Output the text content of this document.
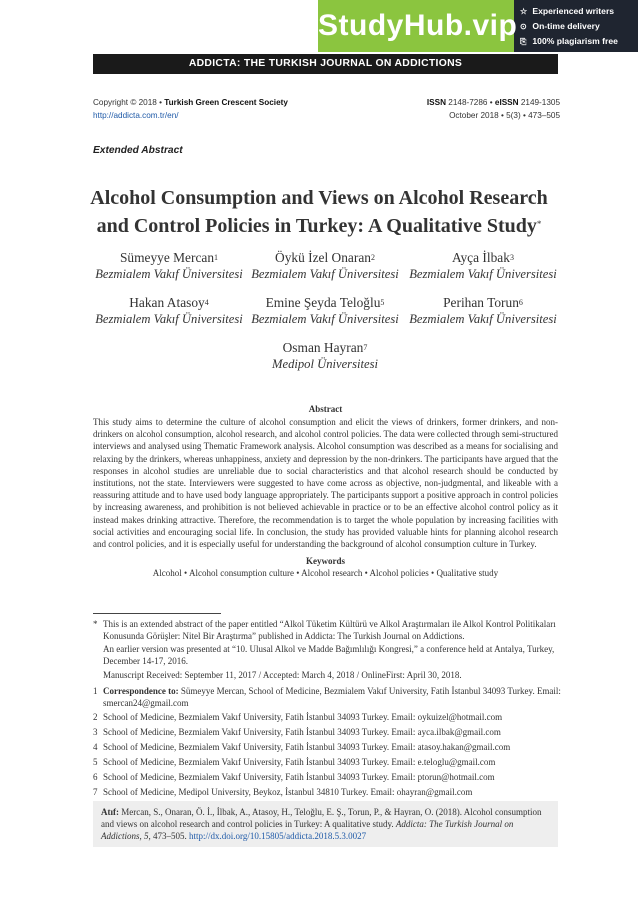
StudyHub.vip ☆ Experienced writers
⊙ On-time delivery
⎘ 100% plagiarism free
ADDICTA: THE TURKISH JOURNAL ON ADDICTIONS
Copyright © 2018 • Turkish Green Crescent Society
http://addicta.com.tr/en/
ISSN 2148-7286 • eISSN 2149-1305
October 2018 • 5(3) • 473–505
Extended Abstract
Alcohol Consumption and Views on Alcohol Research
and Control Policies in Turkey: A Qualitative Study*
Sümeyye Mercan$^1$
Bezmialem Vakıf Üniversitesi
Öykü İzel Onaran$^2$
Bezmialem Vakıf Üniversitesi
Ayça İlbak$^3$
Bezmialem Vakıf Üniversitesi
Hakan Atasoy$^4$
Bezmialem Vakıf Üniversitesi
Emine Şeyda Teloğlu$^5$
Bezmialem Vakıf Üniversitesi
Perihan Torun$^6$
Bezmialem Vakıf Üniversitesi
Osman Hayran$^7$
Medipol Üniversitesi
Abstract

This study aims to determine the culture of alcohol consumption and elicit the views of drinkers, former drinkers, and non-drinkers on alcohol consumption, alcohol research, and alcohol control policies. The data were collected through semi-structured interviews and analysed using Thematic Framework analysis. Alcohol consumption was described as a means for socialising and relaxing by the drinkers, whereas unhappiness, anxiety and depression by the non-drinkers. The participants have argued that the responses in alcohol studies are unreliable due to social characteristics and that alcohol research should be conducted by institutions, not the state. Interviewers were suggested to have come across as objective, non-judgmental, and likeable with a reassuring attitude and to have used body language appropriately. The participants support a positive approach in control policies by increasing awareness, and prohibition is not believed achievable in practice or to be an effective alcohol control policy as it instead makes drinking attractive. Therefore, the recommendation is to target the whole population by increasing facilities with social activities and encouraging social life. In conclusion, the study has provided valuable hints for planning alcohol research and control policies, and it is especially useful for understanding the background of alcohol consumption culture in Turkey.

Keywords
Alcohol • Alcohol consumption culture • Alcohol research • Alcohol policies • Qualitative study
* This is an extended abstract of the paper entitled “Alkol Tüketim Kültürü ve Alkol Araştırmaları ile Alkol Kontrol Politikaları Konusunda Görüşler: Nitel Bir Araştırma” published in Addicta: The Turkish Journal on Addictions.
An earlier version was presented at “10. Ulusal Alkol ve Madde Bağımlılığı Kongresi,” a conference held at Antalya, Turkey, December 14-17, 2016.
Manuscript Received: September 11, 2017 / Accepted: March 4, 2018 / OnlineFirst: April 30, 2018.
1 Correspondence to: Sümeyye Mercan, School of Medicine, Bezmialem Vakıf University, Fatih İstanbul 34093 Turkey. Email: smercan24@gmail.com
2 School of Medicine, Bezmialem Vakıf University, Fatih İstanbul 34093 Turkey. Email: oykuizel@hotmail.com
3 School of Medicine, Bezmialem Vakıf University, Fatih İstanbul 34093 Turkey. Email: ayca.ilbak@gmail.com
4 School of Medicine, Bezmialem Vakıf University, Fatih İstanbul 34093 Turkey. Email: atasoy.hakan@gmail.com
5 School of Medicine, Bezmialem Vakıf University, Fatih İstanbul 34093 Turkey. Email: e.teloglu@gmail.com
6 School of Medicine, Bezmialem Vakıf University, Fatih İstanbul 34093 Turkey. Email: ptorun@hotmail.com
7 School of Medicine, Medipol University, Beykoz, İstanbul 34810 Turkey. Email: ohayran@gmail.com

Atıf: Mercan, S., Onaran, Ö. İ., İlbak, A., Atasoy, H., Teloğlu, E. Ş., Torun, P., & Hayran, O. (2018). Alcohol consumption and views on alcohol research and control policies in Turkey: A qualitative study. Addicta: The Turkish Journal on Addictions, 5, 473–505. http://dx.doi.org/10.15805/addicta.2018.5.3.0027
